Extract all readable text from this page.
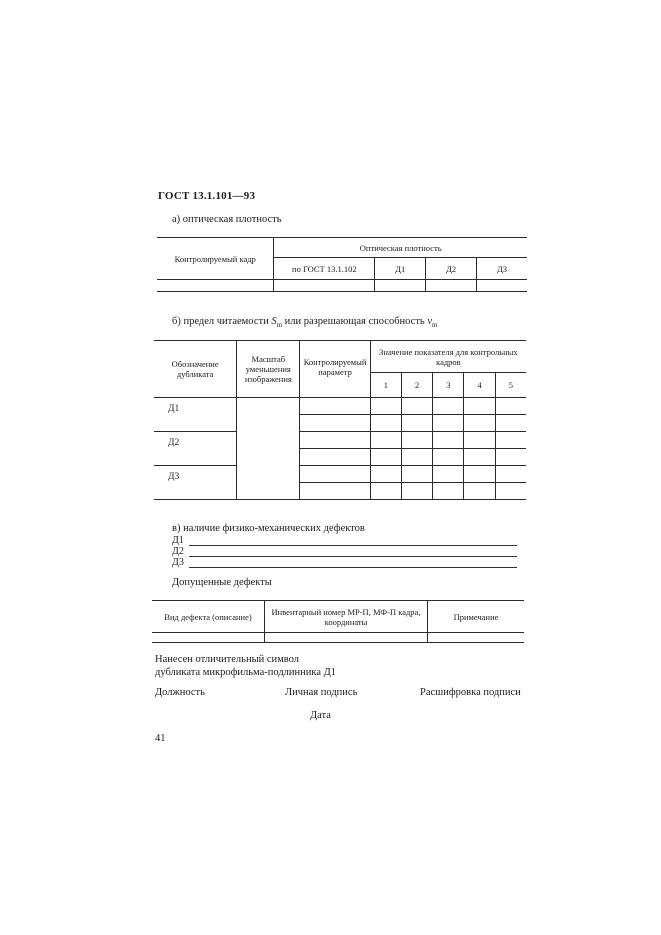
ГОСТ 13.1.101—93
а) оптическая плотность
Контролируемый кадр	Оптическая плотность			
	по ГОСТ 13.1.102	Д1	Д2	Д3

б) предел читаемости $S_m$ или разрешающая способность $v_m$
Обозначение дубликата	Масштаб уменьшения изображения	Контролируемый параметр	Значение показателя для контрольных кадров				
			1	2	3	4	5
Д1							

Д2							

Д3							

в) наличие физико-механических дефектов
Д1
Д2
Д3
Допущенные дефекты
Вид дефекта (описание)	Инвентарный номер МР-П, МФ-П кадра, координаты	Примечание

Нанесен отличительный символ
дубликата микрофильма-подлинника Д1
Должность	Личная подпись	Расшифровка подписи
Дата
41
